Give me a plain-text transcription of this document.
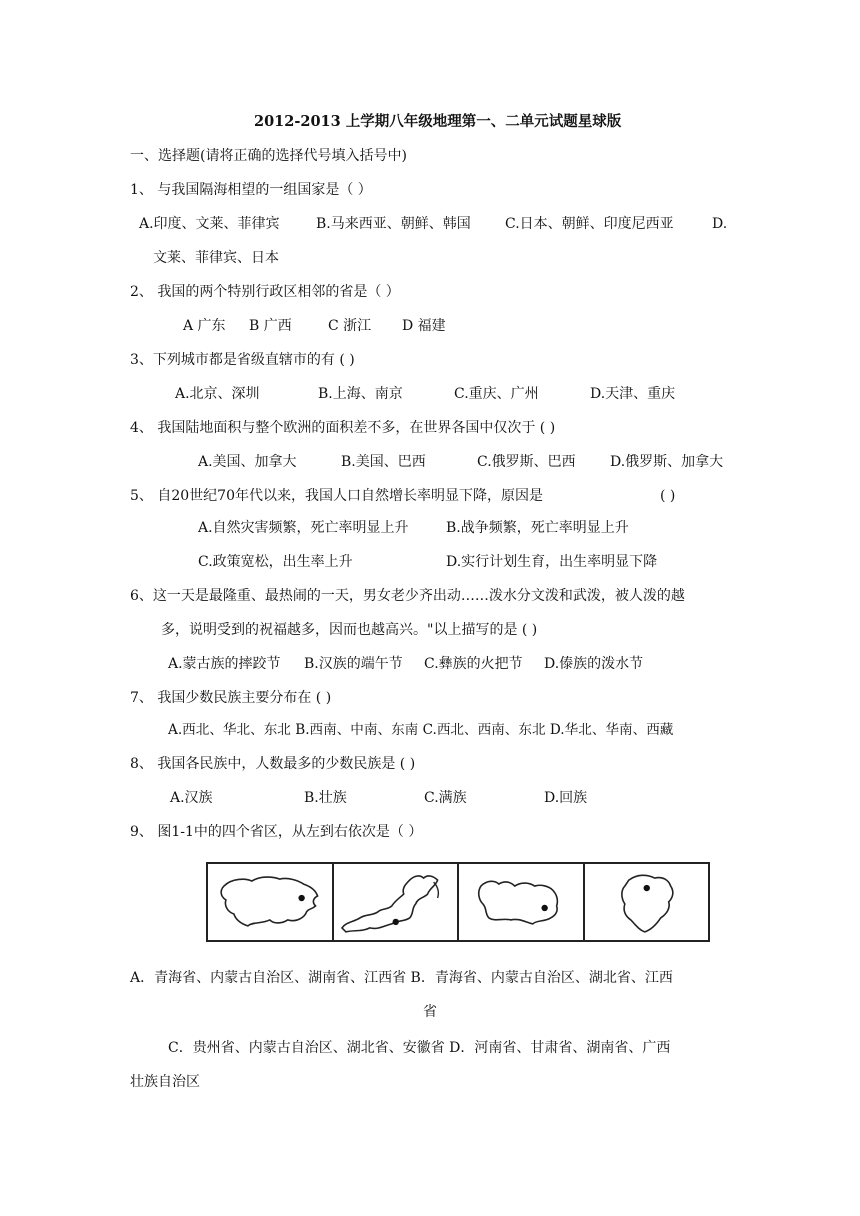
2012-2013 上学期八年级地理第一、二单元试题星球版
一、选择题(请将正确的选择代号填入括号中)
1、 与我国隔海相望的一组国家是（ ）
A.印度、文莱、菲律宾	B.马来西亚、朝鲜、韩国 C.日本、朝鲜、印度尼西亚	D.
文莱、菲律宾、日本
2、 我国的两个特别行政区相邻的省是（ ）
A 广东 B 广西	C 浙江 D 福建
3、下列城市都是省级直辖市的有 ( )
A.北京、深圳	B.上海、南京	C.重庆、广州	D.天津、重庆
4、 我国陆地面积与整个欧洲的面积差不多，在世界各国中仅次于 ( )
A.美国、加拿大	B.美国、巴西	C.俄罗斯、巴西 D.俄罗斯、加拿大
5、 自20世纪70年代以来，我国人口自然增长率明显下降，原因是	( )
A.自然灾害频繁，死亡率明显上升	B.战争频繁，死亡率明显上升
C.政策宽松，出生率上升	D.实行计划生育，出生率明显下降
6、这一天是最隆重、最热闹的一天，男女老少齐出动……泼水分文泼和武泼，被人泼的越
多，说明受到的祝福越多，因而也越高兴。"以上描写的是 ( )
A.蒙古族的摔跤节 B.汉族的端午节 C.彝族的火把节 D.傣族的泼水节
7、 我国少数民族主要分布在 ( )
A.西北、华北、东北 B.西南、中南、东南 C.西北、西南、东北 D.华北、华南、西藏
8、 我国各民族中，人数最多的少数民族是 ( )
A.汉族	B.壮族	C.满族	D.回族
9、 图1-1中的四个省区，从左到右依次是（ ）
A．青海省、内蒙古自治区、湖南省、江西省 B．青海省、内蒙古自治区、湖北省、江西
省
C．贵州省、内蒙古自治区、湖北省、安徽省 D．河南省、甘肃省、湖南省、广西
壮族自治区
